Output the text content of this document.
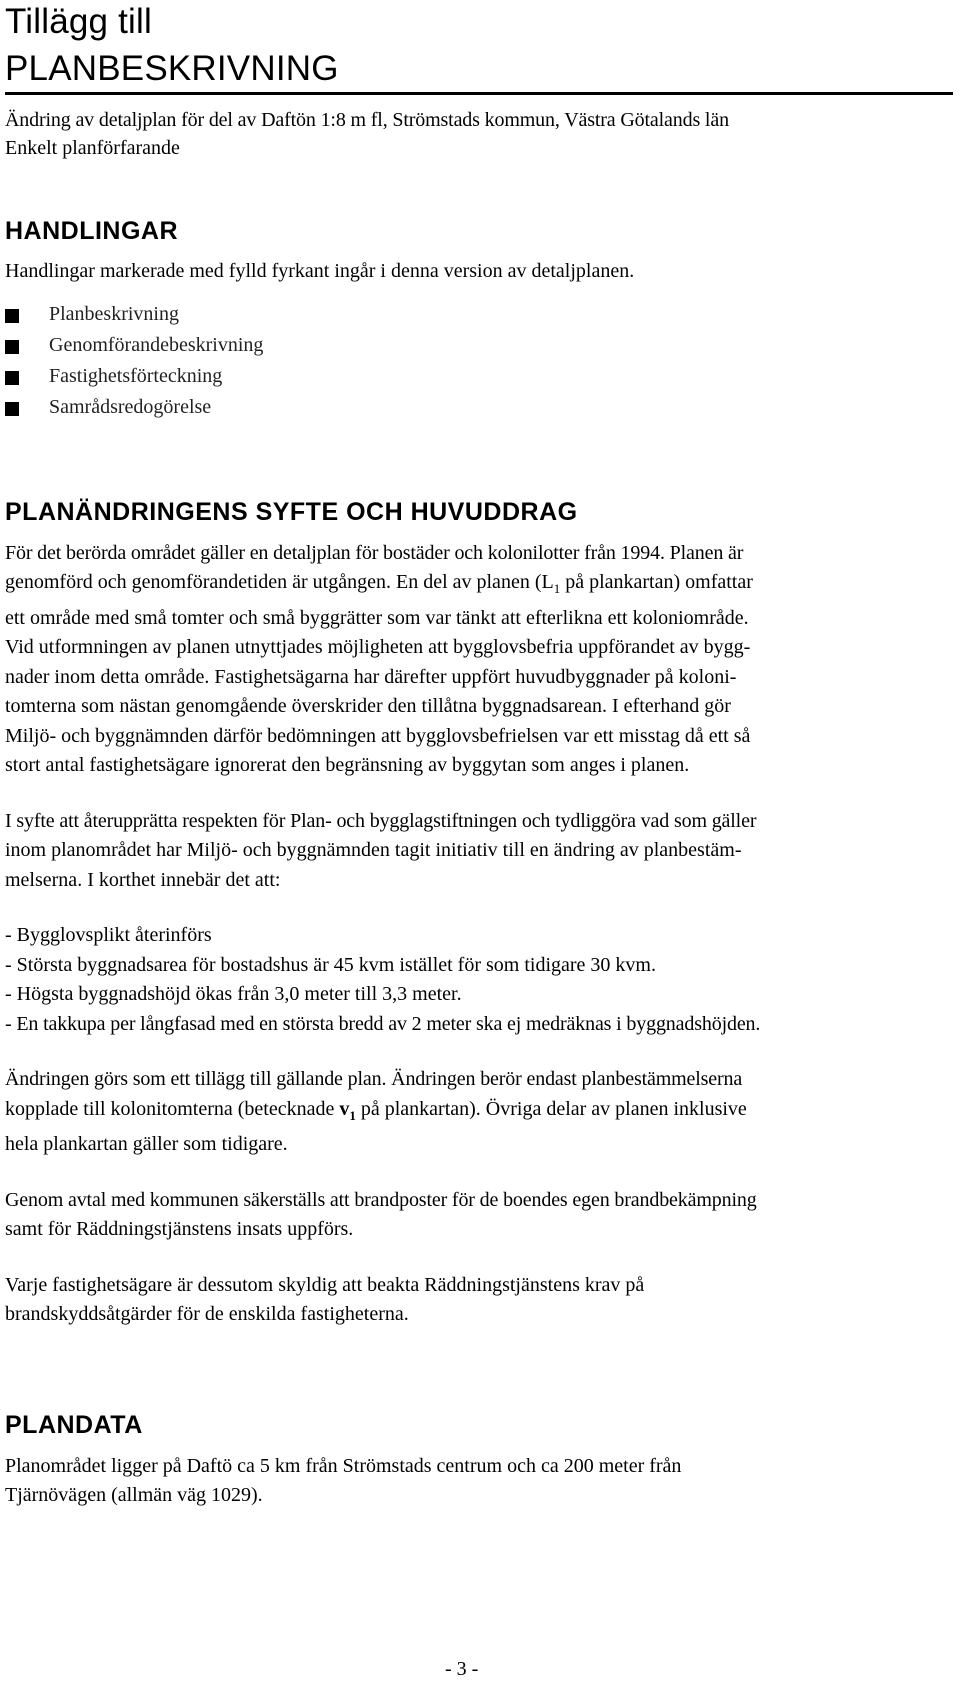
Tillägg till
PLANBESKRIVNING
Ändring av detaljplan för del av Daftön 1:8 m fl, Strömstads kommun, Västra Götalands län
Enkelt planförfarande
HANDLINGAR

Handlingar markerade med fylld fyrkant ingår i denna version av detaljplanen.

Planbeskrivning
Genomförandebeskrivning
Fastighetsförteckning
Samrådsredogörelse
PLANÄNDRINGENS SYFTE OCH HUVUDDRAG

För det berörda området gäller en detaljplan för bostäder och kolonilotter från 1994. Planen är

genomförd och genomförandetiden är utgången. En del av planen ($L_1$ på plankartan) omfattar

ett område med små tomter och små byggrätter som var tänkt att efterlikna ett koloniområde.

Vid utformningen av planen utnyttjades möjligheten att bygglovsbefria uppförandet av bygg-

nader inom detta område. Fastighetsägarna har därefter uppfört huvudbyggnader på koloni-

tomterna som nästan genomgående överskrider den tillåtna byggnadsarean. I efterhand gör

Miljö- och byggnämnden därför bedömningen att bygglovsbefrielsen var ett misstag då ett så

stort antal fastighetsägare ignorerat den begränsning av byggytan som anges i planen.

I syfte att återupprätta respekten för Plan- och bygglagstiftningen och tydliggöra vad som gäller

inom planområdet har Miljö- och byggnämnden tagit initiativ till en ändring av planbestäm-

melserna. I korthet innebär det att:

- Bygglovsplikt återinförs
- Största byggnadsarea för bostadshus är 45 kvm istället för som tidigare 30 kvm.
- Högsta byggnadshöjd ökas från 3,0 meter till 3,3 meter.
- En takkupa per långfasad med en största bredd av 2 meter ska ej medräknas i byggnadshöjden.

Ändringen görs som ett tillägg till gällande plan. Ändringen berör endast planbestämmelserna

kopplade till kolonitomterna (betecknade $v_1$ på plankartan). Övriga delar av planen inklusive

hela plankartan gäller som tidigare.

Genom avtal med kommunen säkerställs att brandposter för de boendes egen brandbekämpning

samt för Räddningstjänstens insats uppförs.

Varje fastighetsägare är dessutom skyldig att beakta Räddningstjänstens krav på

brandskyddsåtgärder för de enskilda fastigheterna.

PLANDATA

Planområdet ligger på Daftö ca 5 km från Strömstads centrum och ca 200 meter från

Tjärnövägen (allmän väg 1029).

- 3 -
